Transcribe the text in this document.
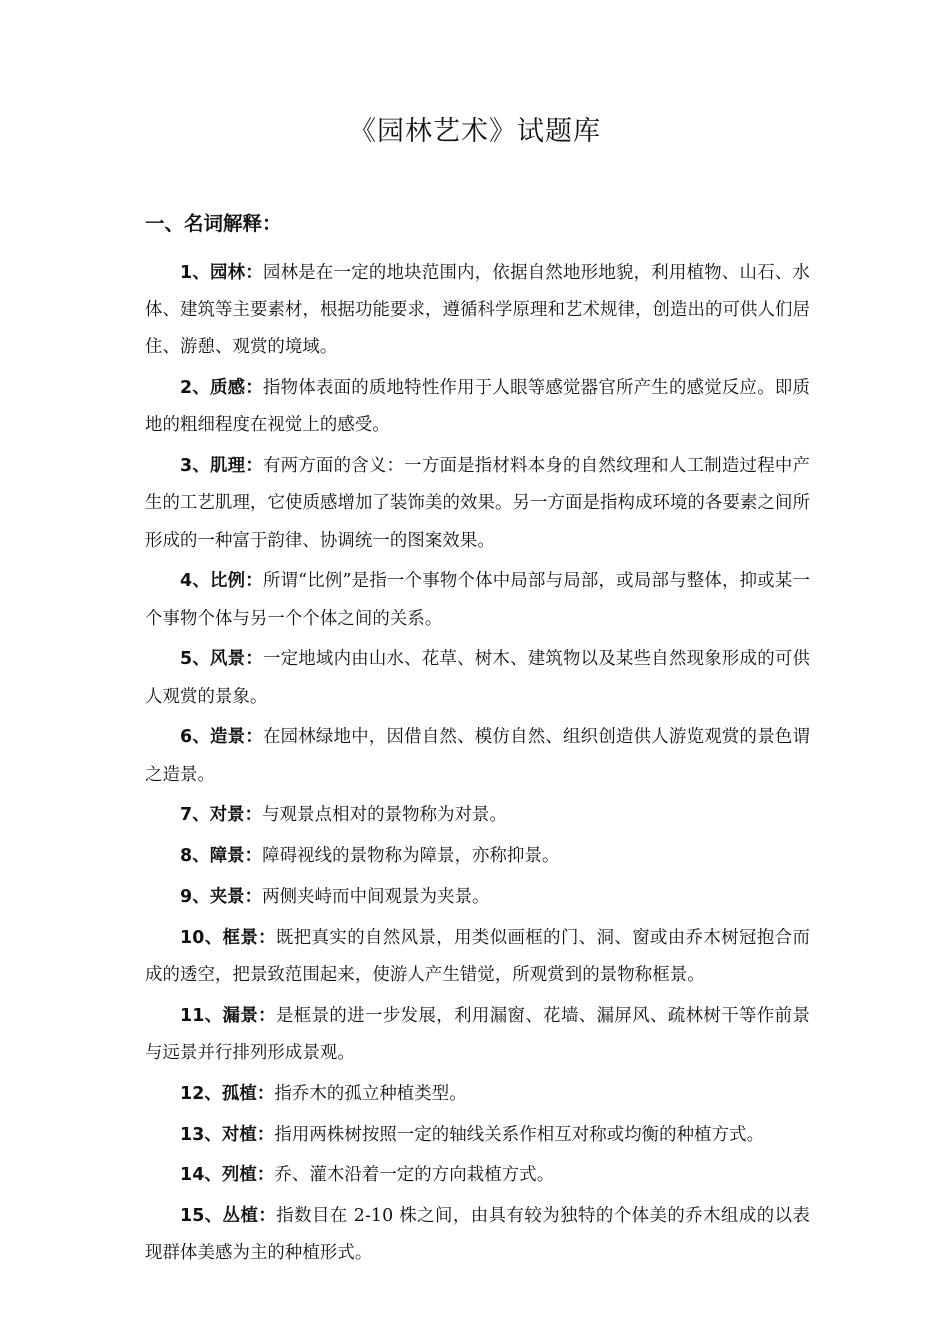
《园林艺术》试题库
一、名词解释：

1、园林：园林是在一定的地块范围内，依据自然地形地貌，利用植物、山石、水体、建筑等主要素材，根据功能要求，遵循科学原理和艺术规律，创造出的可供人们居住、游憩、观赏的境域。

2、质感：指物体表面的质地特性作用于人眼等感觉器官所产生的感觉反应。即质地的粗细程度在视觉上的感受。

3、肌理：有两方面的含义：一方面是指材料本身的自然纹理和人工制造过程中产生的工艺肌理，它使质感增加了装饰美的效果。另一方面是指构成环境的各要素之间所形成的一种富于韵律、协调统一的图案效果。

4、比例：所谓“比例”是指一个事物个体中局部与局部，或局部与整体，抑或某一个事物个体与另一个个体之间的关系。

5、风景：一定地域内由山水、花草、树木、建筑物以及某些自然现象形成的可供人观赏的景象。

6、造景：在园林绿地中，因借自然、模仿自然、组织创造供人游览观赏的景色谓之造景。

7、对景：与观景点相对的景物称为对景。

8、障景：障碍视线的景物称为障景，亦称抑景。

9、夹景：两侧夹峙而中间观景为夹景。

10、框景：既把真实的自然风景，用类似画框的门、洞、窗或由乔木树冠抱合而成的透空，把景致范围起来，使游人产生错觉，所观赏到的景物称框景。

11、漏景：是框景的进一步发展，利用漏窗、花墙、漏屏风、疏林树干等作前景与远景并行排列形成景观。

12、孤植：指乔木的孤立种植类型。

13、对植：指用两株树按照一定的轴线关系作相互对称或均衡的种植方式。

14、列植：乔、灌木沿着一定的方向栽植方式。

15、丛植：指数目在 2-10 株之间，由具有较为独特的个体美的乔木组成的以表现群体美感为主的种植形式。
